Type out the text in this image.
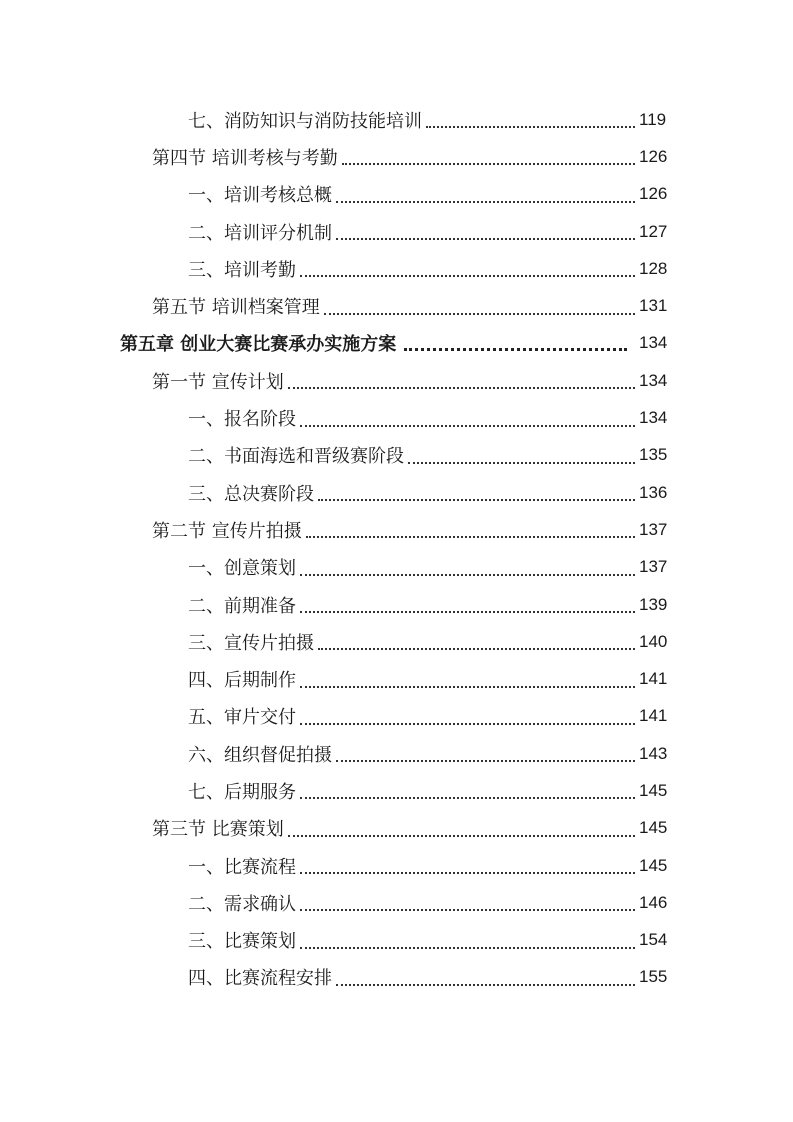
七、消防知识与消防技能培训	119
第四节 培训考核与考勤	126
一、培训考核总概	126
二、培训评分机制	127
三、培训考勤	128
第五节 培训档案管理	131
第五章 创业大赛比赛承办实施方案	134
第一节 宣传计划	134
一、报名阶段	134
二、书面海选和晋级赛阶段	135
三、总决赛阶段	136
第二节 宣传片拍摄	137
一、创意策划	137
二、前期准备	139
三、宣传片拍摄	140
四、后期制作	141
五、审片交付	141
六、组织督促拍摄	143
七、后期服务	145
第三节 比赛策划	145
一、比赛流程	145
二、需求确认	146
三、比赛策划	154
四、比赛流程安排	155
